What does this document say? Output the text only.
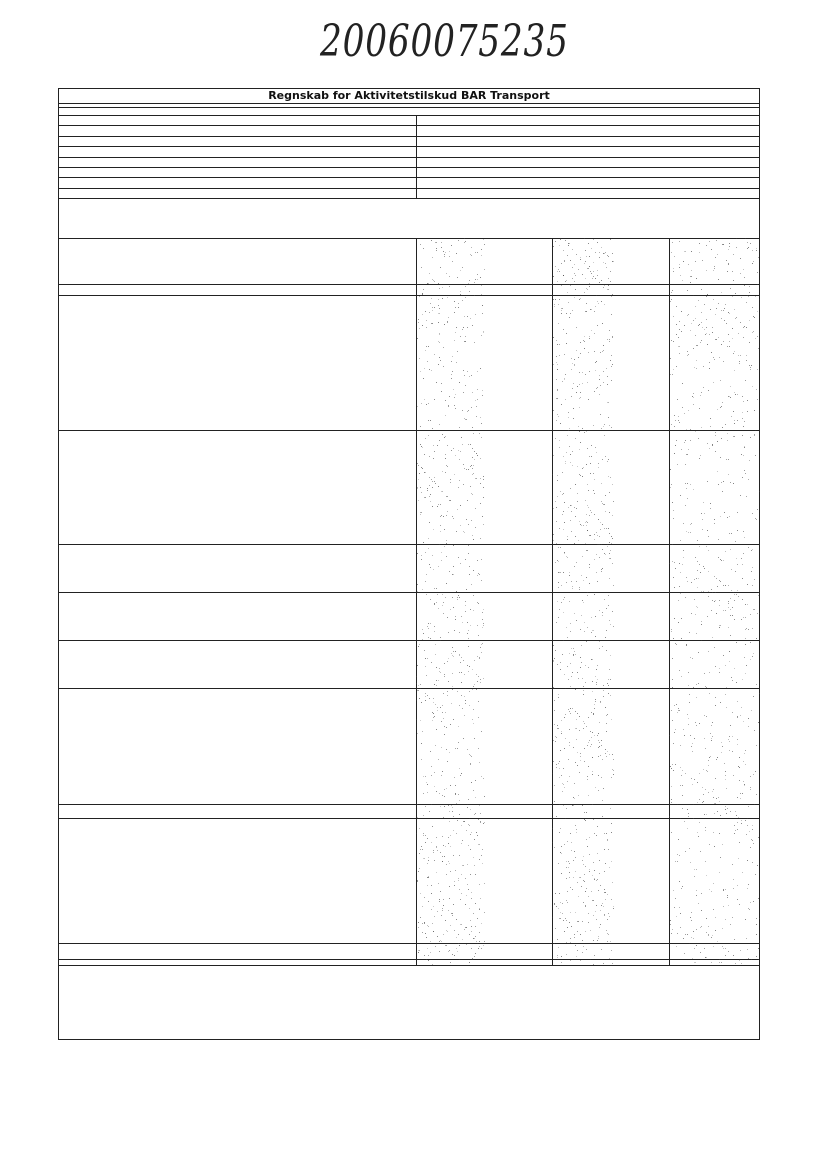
20060075235
Regnskab for Aktivitetstilskud BAR Transport
